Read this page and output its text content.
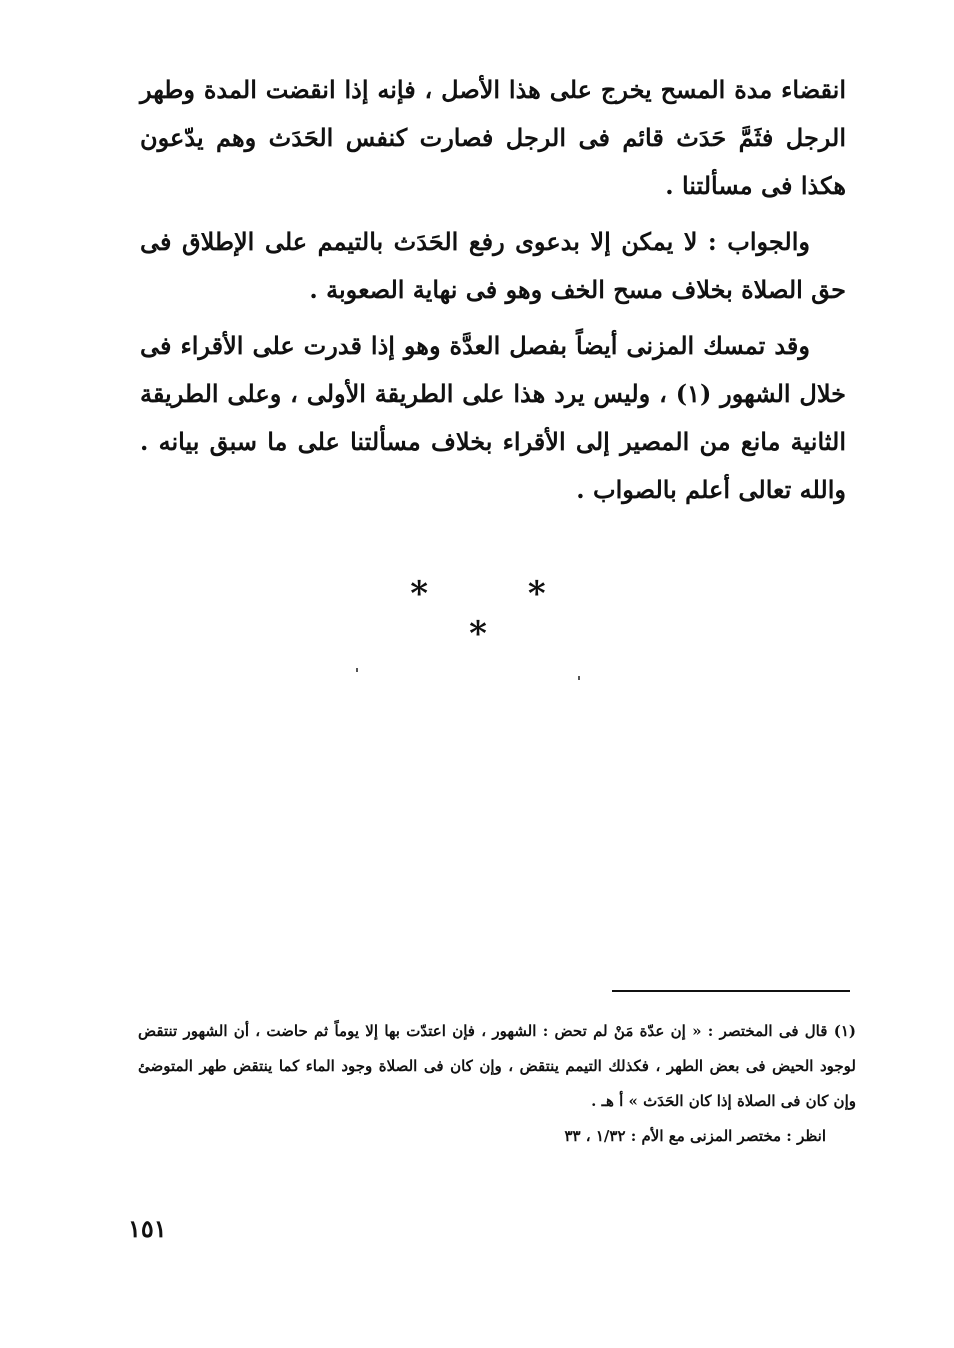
انقضاء مدة المسح يخرج على هذا الأصل ، فإنه إذا انقضت المدة وطهر الرجل فثَمَّ حَدَث قائم فى الرجل فصارت كنفس الحَدَث وهم يدّعون هكذا فى مسألتنا .
والجواب : لا يمكن إلا بدعوى رفع الحَدَث بالتيمم على الإطلاق فى حق الصلاة بخلاف مسح الخف وهو فى نهاية الصعوبة .
وقد تمسك المزنى أيضاً بفصل العدَّة وهو إذا قدرت على الأقراء فى خلال الشهور (١) ، وليس يرد هذا على الطريقة الأولى ، وعلى الطريقة الثانية مانع من المصير إلى الأقراء بخلاف مسألتنا على ما سبق بيانه . والله تعالى أعلم بالصواب .
* * *
(١) قال فى المختصر : « إن عدّة مَنْ لم تحض : الشهور ، فإن اعتدّت بها إلا يوماً ثم حاضت ، أن الشهور تنتقض لوجود الحيض فى بعض الطهر ، فكذلك التيمم ينتقض ، وإن كان فى الصلاة وجود الماء كما ينتقض طهر المتوضئ وإن كان فى الصلاة إذا كان الحَدَث » أ هـ .
انظر : مختصر المزنى مع الأم : ١/٣٢ ، ٣٣
١٥١
